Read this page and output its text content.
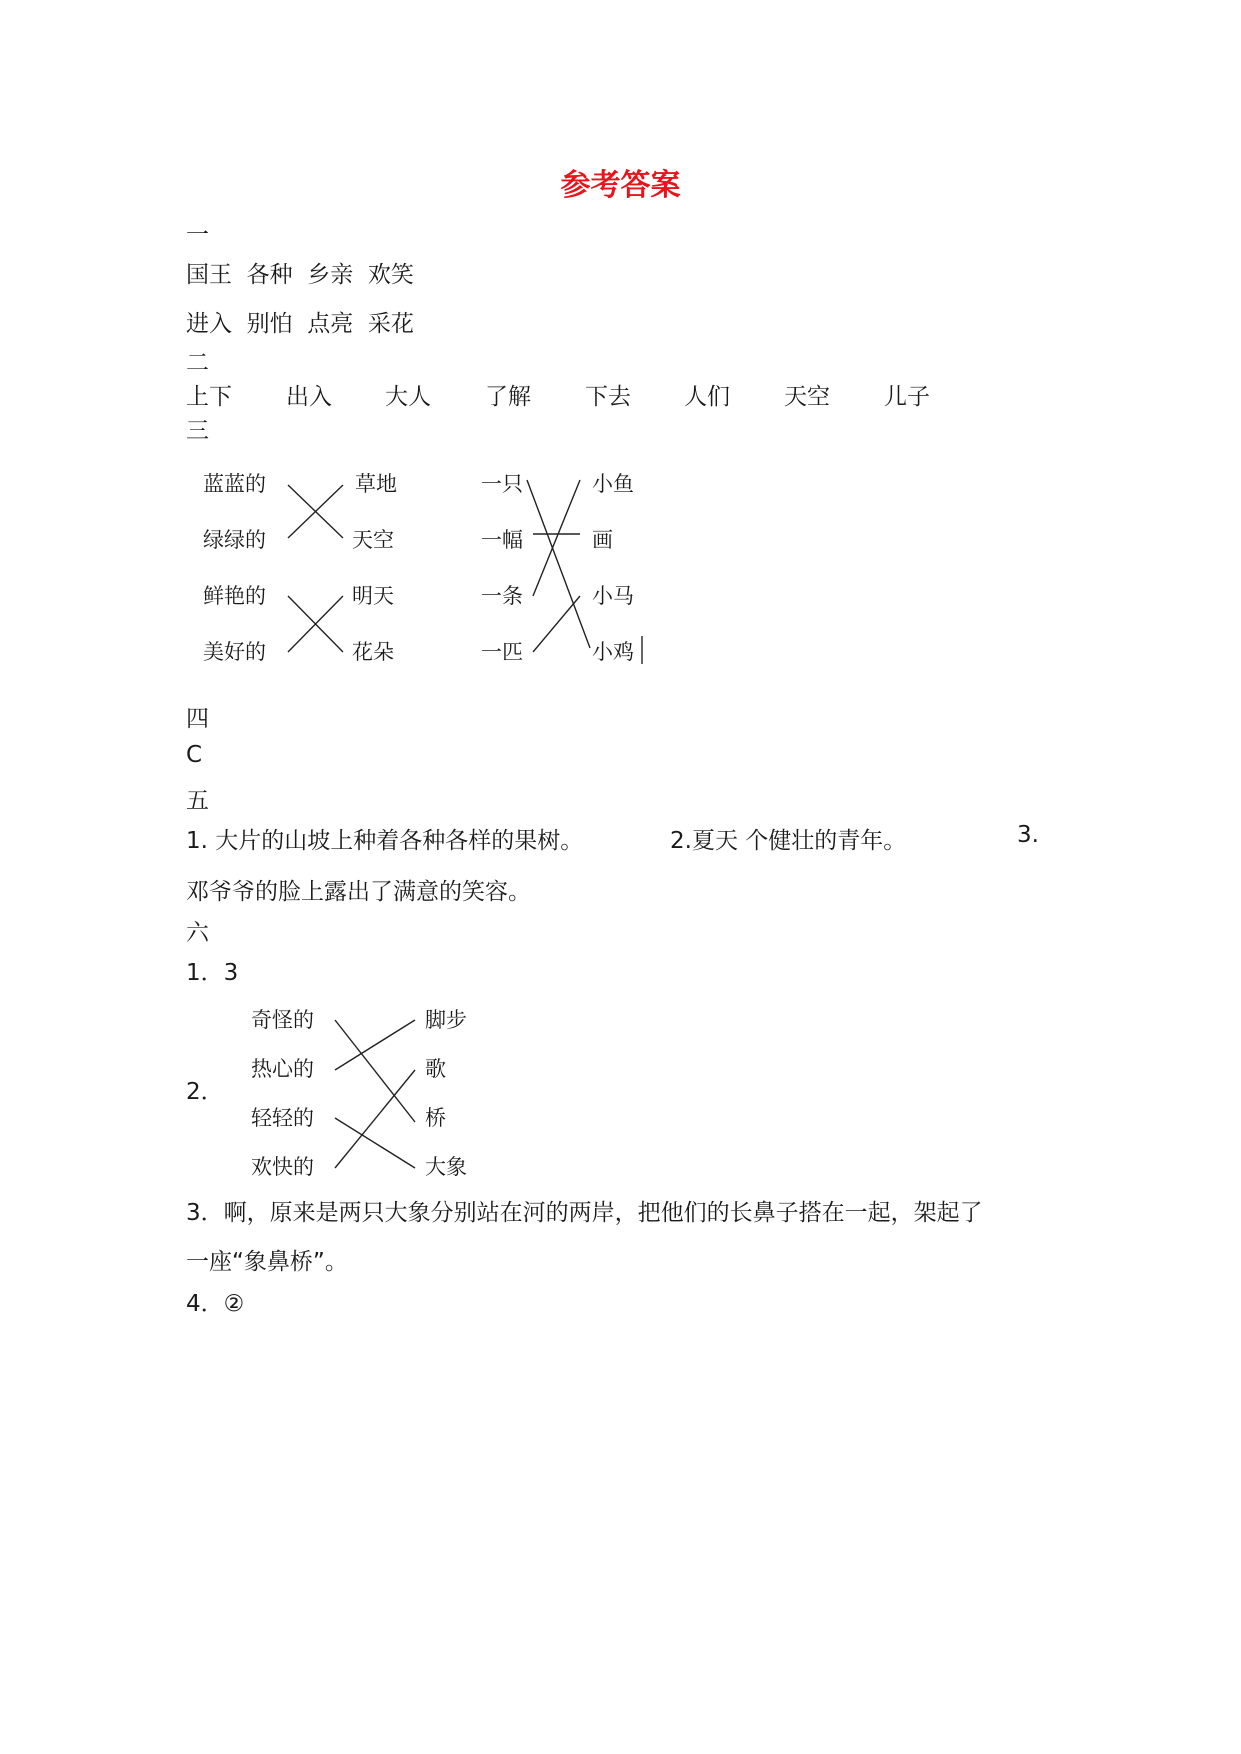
参考答案
一
国王 各种 乡亲 欢笑
进入 别怕 点亮 采花
二
上下 出入 大人 了解 下去 人们 天空 儿子
三
蓝蓝的
绿绿的
鲜艳的
美好的
草地
天空
明天
花朵
一只
一幅
一条
一匹
小鱼
画
小马
小鸡
四
C
五
1. 大片的山坡上种着各种各样的果树。	2.夏天 个健壮的青年。	3.
邓爷爷的脸上露出了满意的笑容。
六
1．3
2．
奇怪的
热心的
轻轻的
欢快的
脚步
歌
桥
大象
3．啊，原来是两只大象分别站在河的两岸，把他们的长鼻子搭在一起，架起了
一座“象鼻桥”。
4．②
